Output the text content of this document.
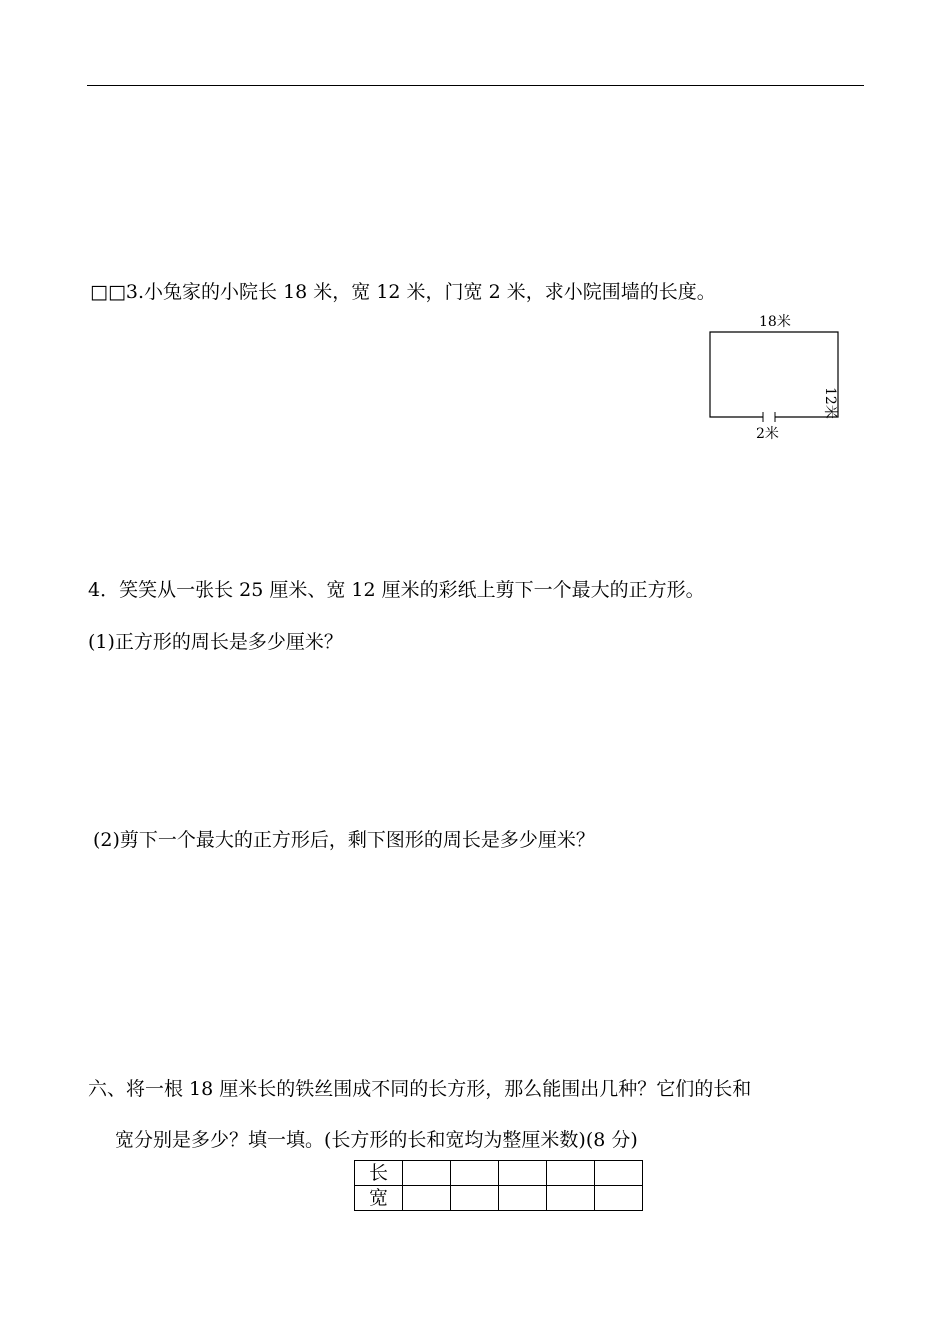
□□3.小兔家的小院长 18 米，宽 12 米，门宽 2 米，求小院围墙的长度。
18米
12米
2米
4．笑笑从一张长 25 厘米、宽 12 厘米的彩纸上剪下一个最大的正方形。
(1)正方形的周长是多少厘米？
(2)剪下一个最大的正方形后，剩下图形的周长是多少厘米？
六、将一根 18 厘米长的铁丝围成不同的长方形，那么能围出几种？它们的长和
宽分别是多少？填一填。(长方形的长和宽均为整厘米数)(8 分)
长					
宽					
